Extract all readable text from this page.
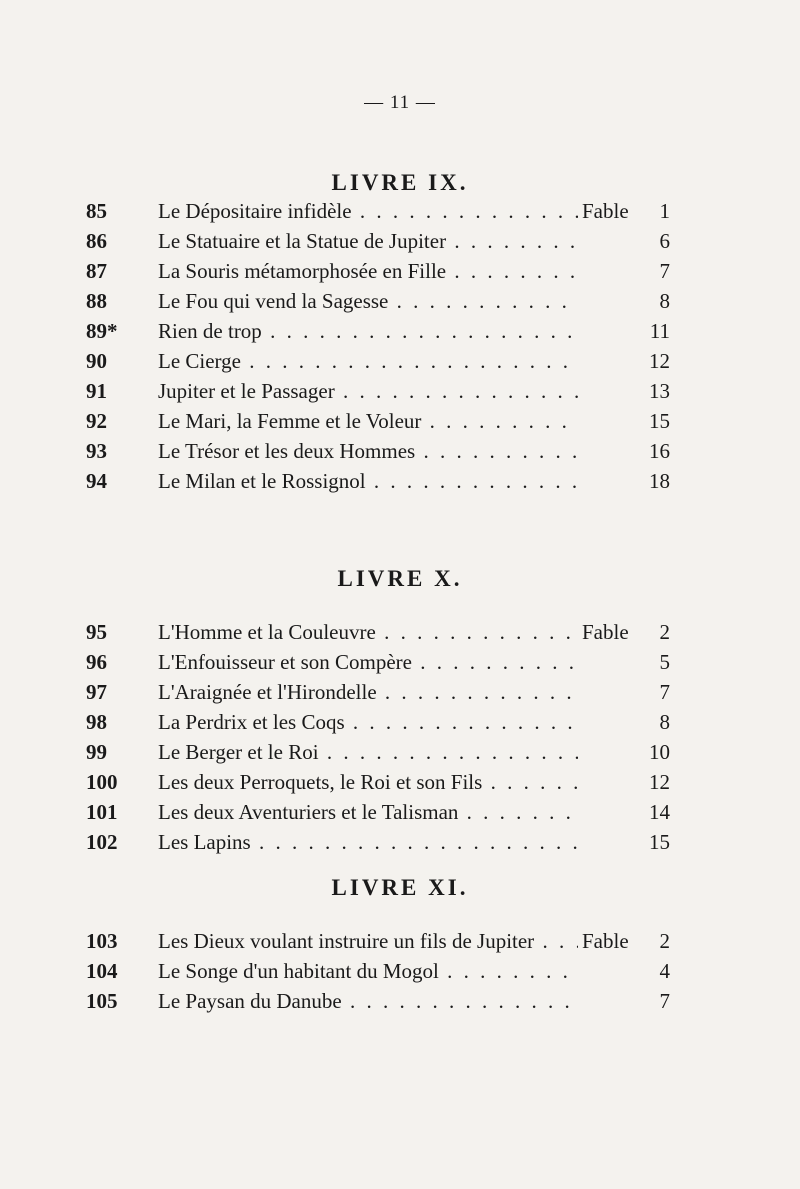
— 11 —
LIVRE IX.
85	Le Dépositaire infidèle . . .	Fable	1
86	Le Statuaire et la Statue de Jupiter . . .	6
87	La Souris métamorphosée en Fille . . .	7
88	Le Fou qui vend la Sagesse . . .	8
89*	Rien de trop . . .	11
90	Le Cierge . . .	12
91	Jupiter et le Passager . . .	13
92	Le Mari, la Femme et le Voleur . . .	15
93	Le Trésor et les deux Hommes . . .	16
94	Le Milan et le Rossignol . . .	18
LIVRE X.
95	L'Homme et la Couleuvre . . .	Fable	2
96	L'Enfouisseur et son Compère . . .	5
97	L'Araignée et l'Hirondelle . . .	7
98	La Perdrix et les Coqs . . .	8
99	Le Berger et le Roi . . .	10
100	Les deux Perroquets, le Roi et son Fils . . .	12
101	Les deux Aventuriers et le Talisman . . .	14
102	Les Lapins . . .	15
LIVRE XI.
103	Les Dieux voulant instruire un fils de Jupiter . . .	Fable	2
104	Le Songe d'un habitant du Mogol . . .	4
105	Le Paysan du Danube . . .	7
